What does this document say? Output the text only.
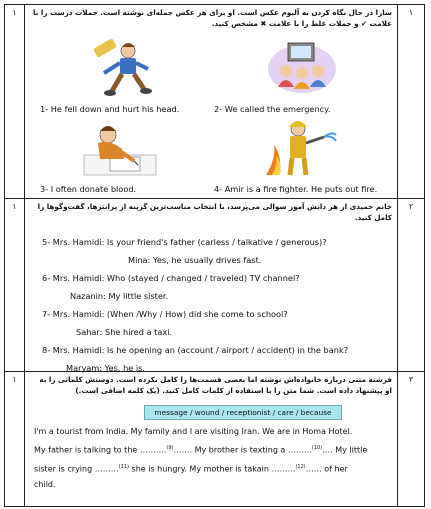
۱
۱	سارا در حال نگاه کردن به آلبوم عکس است. او برای هر عکس جمله‌ای نوشته است. جملات درست را با علامت ✔ و جملات غلط را با علامت ✖ مشخص کنید.
1- He fell down and hurt his head.	2- We called the emergency.
3- I often donate blood.	4- Amir is a fire fighter. He puts out fire.
۲
۱	خانم حمیدی از هر دانش آموز سوالی می‌پرسد، با انتخاب مناسب‌ترین گزینه از پرانتزها، گفت‌وگوها را کامل کنید.
5- Mrs. Hamidi: Is your friend's father (carless / talkative / generous)?
Mina: Yes, he usually drives fast.
6- Mrs. Hamidi: Who (stayed / changed / traveled) TV channel?
Nazanin: My little sister.
7- Mrs. Hamidi: (When /Why / How) did she come to school?
Sahar: She hired a taxi.
8- Mrs. Hamidi: Is he opening an (account / airport / accident) in the bank?
Maryam: Yes, he is.
۳
۱	فرشته متنی درباره خانواده‌اش نوشته اما بعضی قسمت‌ها را کامل نکرده است. دوستش کلماتی را به او پیشنهاد داده است. شما متن را با استفاده از کلمات کامل کنید. (یک کلمه اضافی است.)
message / wound / receptionist / care / because
I'm a tourist from India. My family and I are visiting Iran. We are in Homa Hotel.
My father is talking to the ……….$^{(9)}$……. My brother is texting a ………$^{(10)}$…. My little
sister is crying ………$^{(11)}$ she is hungry. My mother is takain ………$^{(12)}$…… of her
child.
